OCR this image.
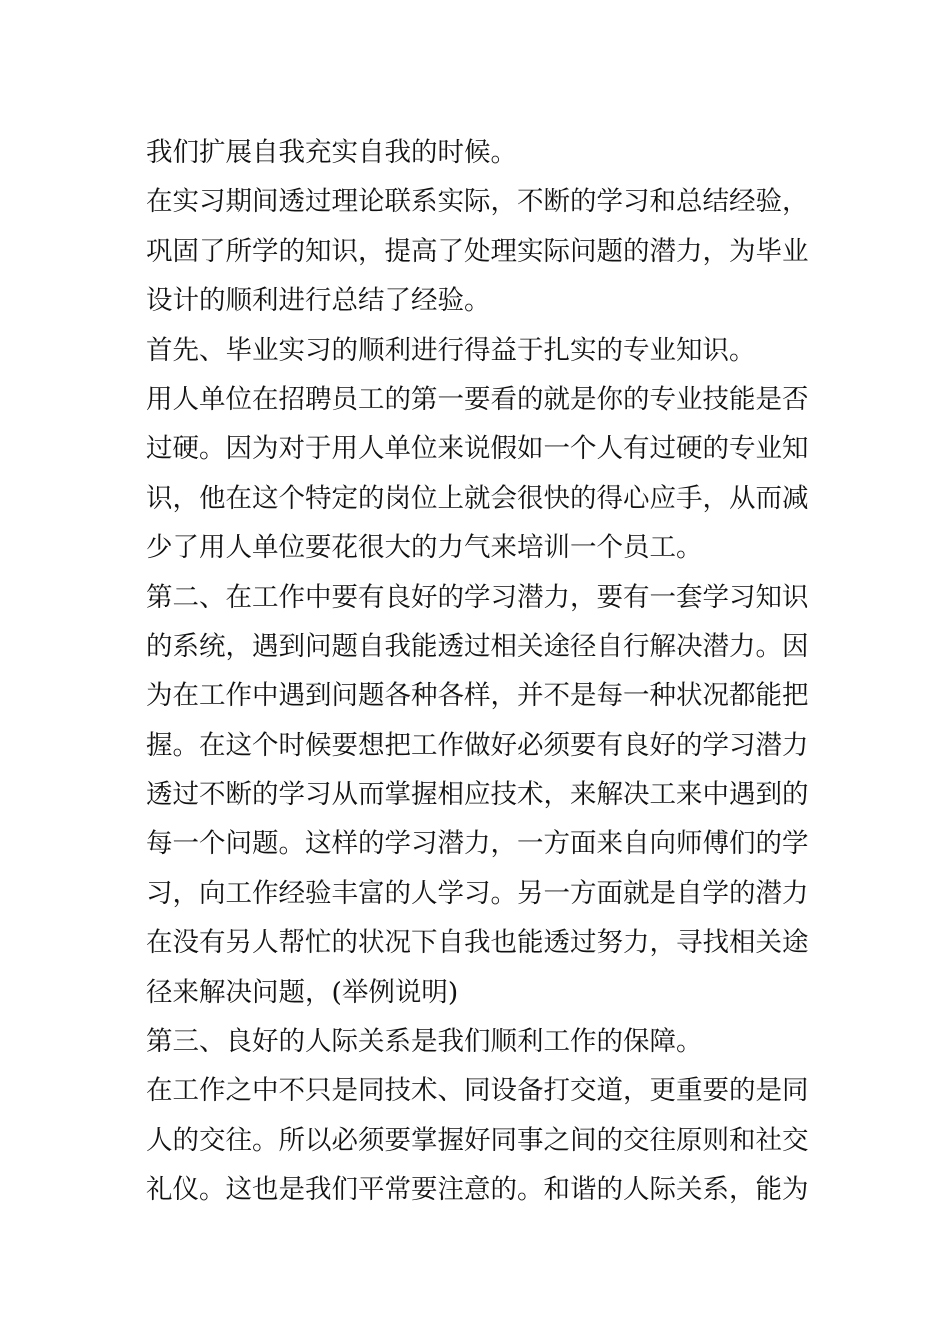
我们扩展自我充实自我的时候。
在实习期间透过理论联系实际，不断的学习和总结经验，
巩固了所学的知识，提高了处理实际问题的潜力，为毕业
设计的顺利进行总结了经验。
首先、毕业实习的顺利进行得益于扎实的专业知识。
用人单位在招聘员工的第一要看的就是你的专业技能是否
过硬。因为对于用人单位来说假如一个人有过硬的专业知
识，他在这个特定的岗位上就会很快的得心应手，从而减
少了用人单位要花很大的力气来培训一个员工。
第二、在工作中要有良好的学习潜力，要有一套学习知识
的系统，遇到问题自我能透过相关途径自行解决潜力。因
为在工作中遇到问题各种各样，并不是每一种状况都能把
握。在这个时候要想把工作做好必须要有良好的学习潜力
透过不断的学习从而掌握相应技术，来解决工来中遇到的
每一个问题。这样的学习潜力，一方面来自向师傅们的学
习，向工作经验丰富的人学习。另一方面就是自学的潜力
在没有另人帮忙的状况下自我也能透过努力，寻找相关途
径来解决问题，(举例说明)
第三、良好的人际关系是我们顺利工作的保障。
在工作之中不只是同技术、同设备打交道，更重要的是同
人的交往。所以必须要掌握好同事之间的交往原则和社交
礼仪。这也是我们平常要注意的。和谐的人际关系，能为
